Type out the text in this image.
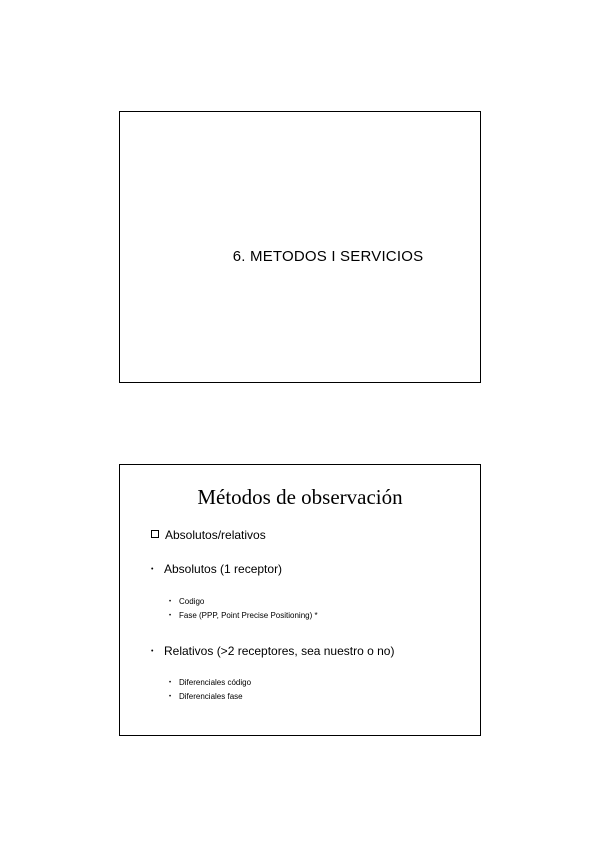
6. METODOS I SERVICIOS
Métodos de observación
Absolutos/relativos
• Absolutos (1 receptor)
• Codigo
• Fase (PPP, Point Precise Positioning) *
• Relativos (>2 receptores, sea nuestro o no)
• Diferenciales código
• Diferenciales fase
